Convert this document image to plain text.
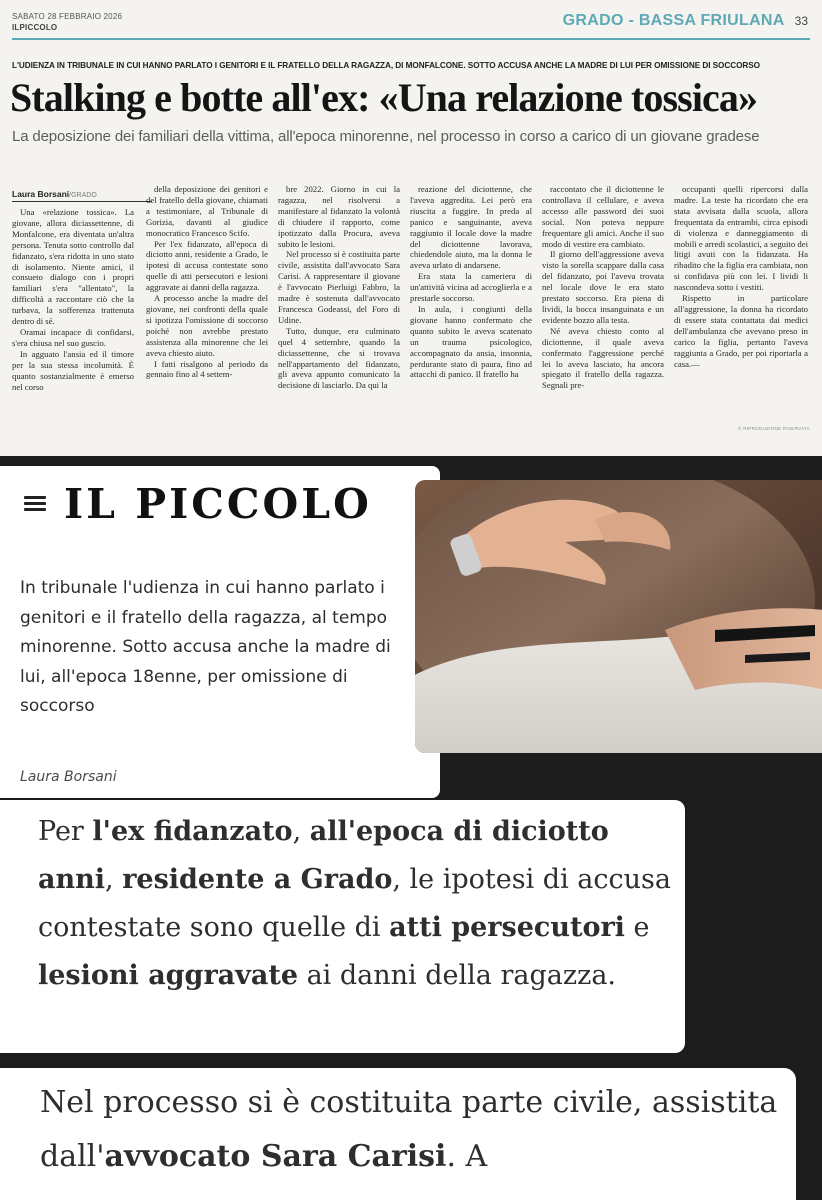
SABATO 28 FEBBRAIO 2026
ILPICCOLO	GRADO - BASSA FRIULANA 33
L'UDIENZA IN TRIBUNALE IN CUI HANNO PARLATO I GENITORI E IL FRATELLO DELLA RAGAZZA, DI MONFALCONE. SOTTO ACCUSA ANCHE LA MADRE DI LUI PER OMISSIONE DI SOCCORSO
Stalking e botte all'ex: «Una relazione tossica»
La deposizione dei familiari della vittima, all'epoca minorenne, nel processo in corso a carico di un giovane gradese
Laura Borsani/GRADO

Una «relazione tossica». La giovane, allora diciassettenne, di Monfalcone, era diventata un'altra persona. Tenuta sotto controllo dal fidanzato, s'era ridotta in uno stato di isolamento. Niente amici, il consueto dialogo con i propri familiari s'era "allentato", la difficoltà a raccontare ciò che la turbava, la sofferenza trattenuta dentro di sé.

Oramai incapace di confidarsi, s'era chiusa nel suo guscio.

In agguato l'ansia ed il timore per la sua stessa incolumità. È quanto sostanzialmente è emerso nel corso

della deposizione dei genitori e del fratello della giovane, chiamati a testimoniare, al Tribunale di Gorizia, davanti al giudice monocratico Francesco Scifo.

Per l'ex fidanzato, all'epoca di diciotto anni, residente a Grado, le ipotesi di accusa contestate sono quelle di atti persecutori e lesioni aggravate ai danni della ragazza.

A processo anche la madre del giovane, nei confronti della quale si ipotizza l'omissione di soccorso poiché non avrebbe prestato assistenza alla minorenne che lei aveva chiesto aiuto.

I fatti risalgono al periodo da gennaio fino al 4 settem-

bre 2022. Giorno in cui la ragazza, nel risolversi a manifestare al fidanzato la volontà di chiudere il rapporto, come ipotizzato dalla Procura, aveva subito le lesioni.

Nel processo si è costituita parte civile, assistita dall'avvocato Sara Carisi. A rappresentare il giovane è l'avvocato Pierluigi Fabbro, la madre è sostenuta dall'avvocato Francesca Godeassi, del Foro di Udine.

Tutto, dunque, era culminato quel 4 settembre, quando la diciassettenne, che si trovava nell'appartamento del fidanzato, gli aveva appunto comunicato la decisione di lasciarlo. Da qui la

reazione del diciottenne, che l'aveva aggredita. Lei però era riuscita a fuggire. In preda al panico e sanguinante, aveva raggiunto il locale dove la madre del diciottenne lavorava, chiedendole aiuto, ma la donna le aveva urlato di andarsene.

Era stata la cameriera di un'attività vicina ad accoglierla e a prestarle soccorso.

In aula, i congiunti della giovane hanno confermato che quanto subito le aveva scatenato un trauma psicologico, accompagnato da ansia, insonnia, perdurante stato di paura, fino ad attacchi di panico. Il fratello ha

raccontato che il diciottenne le controllava il cellulare, e aveva accesso alle password dei suoi social. Non poteva neppure frequentare gli amici. Anche il suo modo di vestire era cambiato.

Il giorno dell'aggressione aveva visto la sorella scappare dalla casa del fidanzato, poi l'aveva trovata nel locale dove le era stato prestato soccorso. Era piena di lividi, la bocca insanguinata e un evidente bozzo alla testa.

Né aveva chiesto conto al diciottenne, il quale aveva confermato l'aggressione perché lei lo aveva lasciato, ha ancora spiegato il fratello della ragazza. Segnali pre-

occupanti quelli ripercorsi dalla madre. La teste ha ricordato che era stata avvisata dalla scuola, allora frequentata da entrambi, circa episodi di violenza e danneggiamento di mobili e arredi scolastici, a seguito dei litigi avuti con la fidanzata. Ha ribadito che la figlia era cambiata, non si confidava più con lei. I lividi li nascondeva sotto i vestiti.

Rispetto in particolare all'aggressione, la donna ha ricordato di essere stata contattata dai medici dell'ambulanza che avevano preso in carico la figlia, pertanto l'aveva raggiunta a Grado, per poi riportarla a casa.—

© RIPRODUZIONE RISERVATA
IL PICCOLO
In tribunale l'udienza in cui hanno parlato i genitori e il fratello della ragazza, al tempo minorenne. Sotto accusa anche la madre di lui, all'epoca 18enne, per omissione di soccorso
Laura Borsani
Per l'ex fidanzato, all'epoca di diciotto anni, residente a Grado, le ipotesi di accusa contestate sono quelle di atti persecutori e lesioni aggravate ai danni della ragazza.
Nel processo si è costituita parte civile, assistita dall'avvocato Sara Carisi. A
